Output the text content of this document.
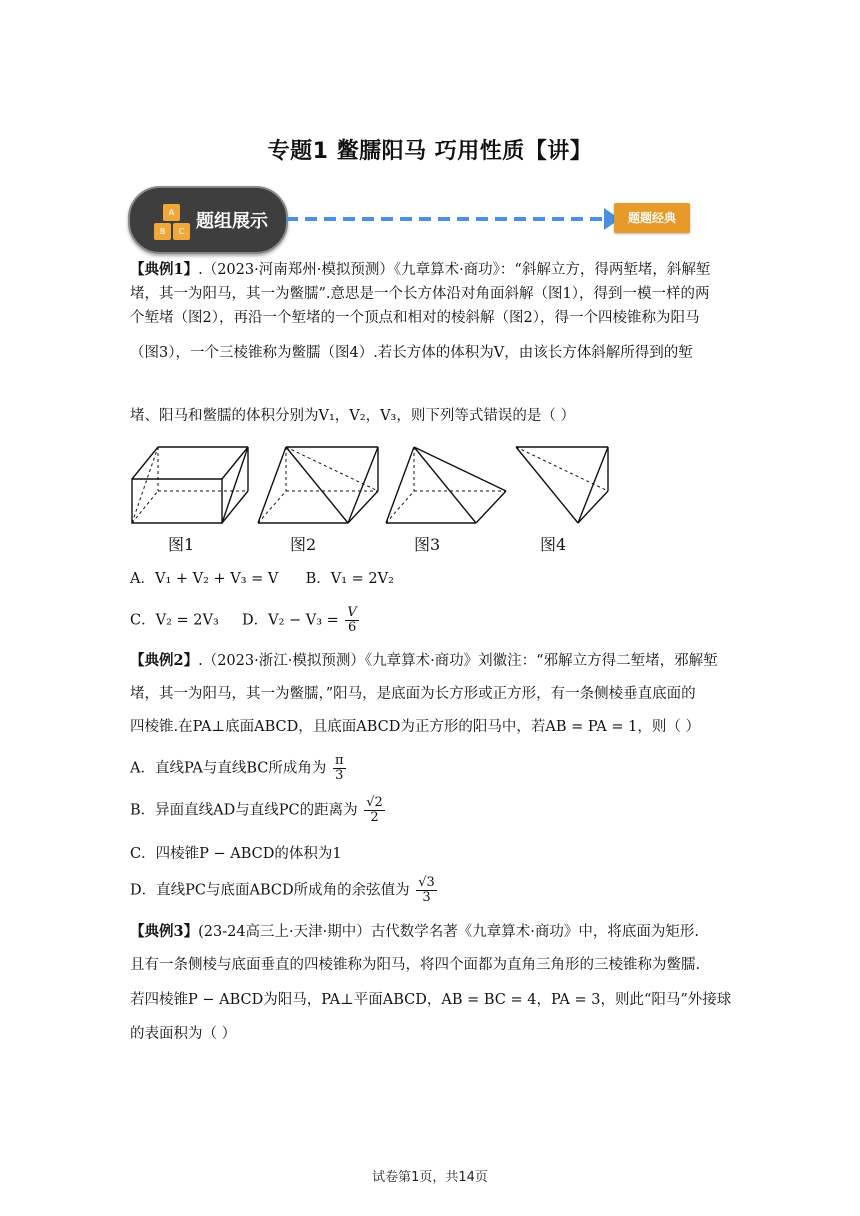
专题1 鳖臑阳马 巧用性质【讲】
A
B	C 题组展示	题题经典
【典例1】.（2023·河南郑州·模拟预测）《九章算术·商功》：“斜解立方，得两堑堵，斜解堑
堵，其一为阳马，其一为鳖臑”.意思是一个长方体沿对角面斜解（图1），得到一模一样的两
个堑堵（图2），再沿一个堑堵的一个顶点和相对的棱斜解（图2），得一个四棱锥称为阳马
（图3），一个三棱锥称为鳖臑（图4）.若长方体的体积为V，由该长方体斜解所得到的堑
堵、阳马和鳖臑的体积分别为V₁，V₂，V₃，则下列等式错误的是（ ）
图1	图2	图3	图4
A．V₁ + V₂ + V₃ = V B．V₁ = 2V₂
C．V₂ = 2V₃ D．$V_2 - V_3 = \frac{V}{6}$
【典例2】.（2023·浙江·模拟预测）《九章算术·商功》刘徽注：“邪解立方得二堑堵，邪解堑
堵，其一为阳马，其一为鳖臑，”阳马，是底面为长方形或正方形，有一条侧棱垂直底面的
四棱锥.在PA⊥底面ABCD，且底面ABCD为正方形的阳马中，若AB = PA = 1，则（ ）
A．直线PA与直线BC所成角为 $\frac{\pi}{3}$
B．异面直线AD与直线PC的距离为 $\frac{√2}{2}$
C．四棱锥P − ABCD的体积为1
D．直线PC与底面ABCD所成角的余弦值为 $\frac{√3}{3}$
【典例3】(23-24高三上·天津·期中）古代数学名著《九章算术·商功》中，将底面为矩形.
且有一条侧棱与底面垂直的四棱锥称为阳马，将四个面都为直角三角形的三棱锥称为鳖臑.
若四棱锥P − ABCD为阳马，PA⊥平面ABCD，AB = BC = 4，PA = 3，则此“阳马”外接球
的表面积为（ ）
试卷第1页，共14页
